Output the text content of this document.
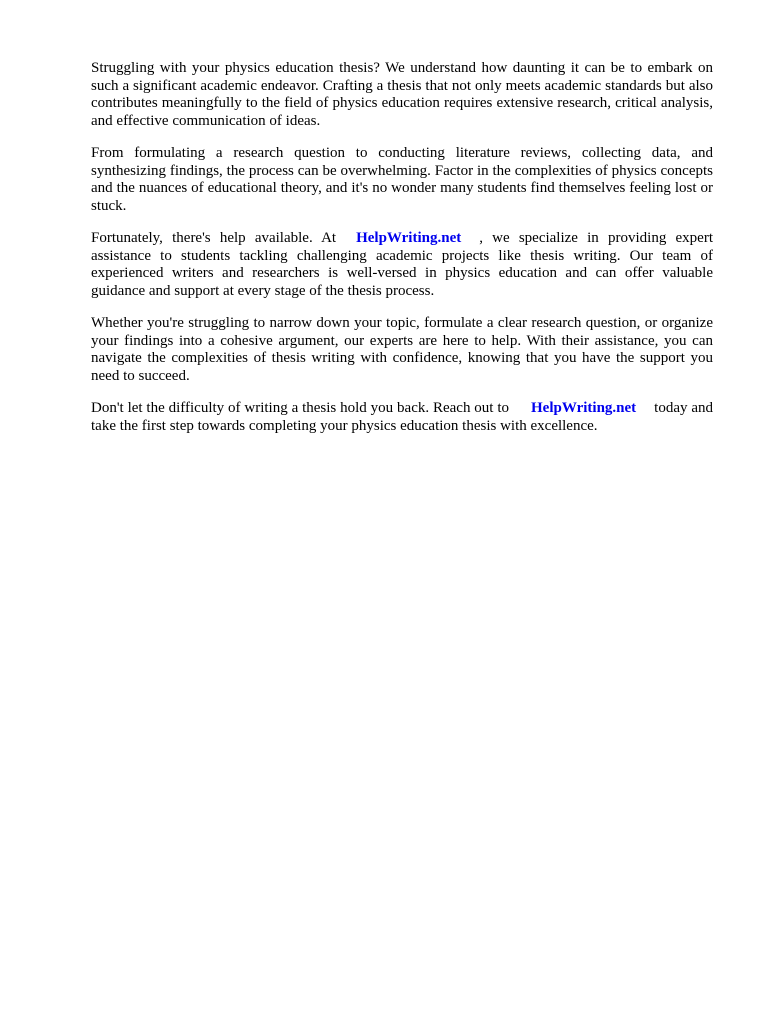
Struggling with your physics education thesis? We understand how daunting it can be to embark on such a significant academic endeavor. Crafting a thesis that not only meets academic standards but also contributes meaningfully to the field of physics education requires extensive research, critical analysis, and effective communication of ideas.

From formulating a research question to conducting literature reviews, collecting data, and synthesizing findings, the process can be overwhelming. Factor in the complexities of physics concepts and the nuances of educational theory, and it's no wonder many students find themselves feeling lost or stuck.

Fortunately, there's help available. At HelpWriting.net , we specialize in providing expert assistance to students tackling challenging academic projects like thesis writing. Our team of experienced writers and researchers is well-versed in physics education and can offer valuable guidance and support at every stage of the thesis process.

Whether you're struggling to narrow down your topic, formulate a clear research question, or organize your findings into a cohesive argument, our experts are here to help. With their assistance, you can navigate the complexities of thesis writing with confidence, knowing that you have the support you need to succeed.

Don't let the difficulty of writing a thesis hold you back. Reach out to HelpWriting.net today and take the first step towards completing your physics education thesis with excellence.
